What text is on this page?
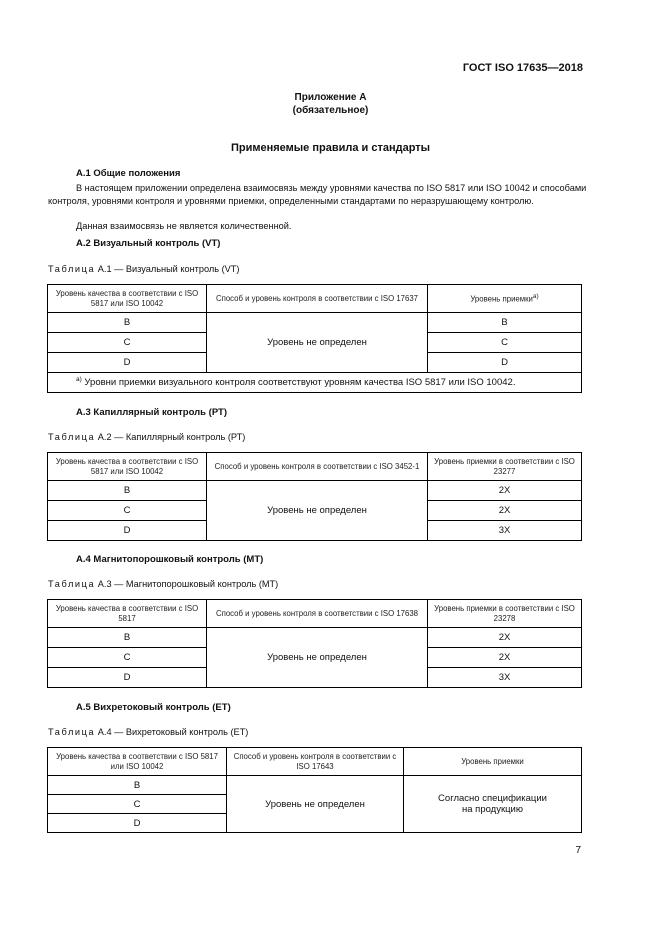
ГОСТ ISO 17635—2018
Приложение А
(обязательное)
Применяемые правила и стандарты
А.1 Общие положения
В настоящем приложении определена взаимосвязь между уровнями качества по ISO 5817 или ISO 10042 и способами контроля, уровнями контроля и уровнями приемки, определенными стандартами по неразрушающему контролю.
Данная взаимосвязь не является количественной.
А.2 Визуальный контроль (VT)
Таблица А.1 — Визуальный контроль (VT)
Уровень качества в соответствии с ISO 5817 или ISO 10042	Способ и уровень контроля в соответствии с ISO 17637	Уровень приемки$^{а)}$
B	Уровень не определен	B
C		C
D		D
$^{а)}$ Уровни приемки визуального контроля соответствуют уровням качества ISO 5817 или ISO 10042.		
А.3 Капиллярный контроль (РТ)
Таблица А.2 — Капиллярный контроль (РТ)
Уровень качества в соответствии с ISO 5817 или ISO 10042	Способ и уровень контроля в соответствии с ISO 3452-1	Уровень приемки в соответствии с ISO 23277
B	Уровень не определен	2X
C		2X
D		3X
А.4 Магнитопорошковый контроль (МТ)
Таблица А.3 — Магнитопорошковый контроль (МТ)
Уровень качества в соответствии с ISO 5817	Способ и уровень контроля в соответствии с ISO 17638	Уровень приемки в соответствии с ISO 23278
B	Уровень не определен	2X
C		2X
D		3X
А.5 Вихретоковый контроль (ЕТ)
Таблица А.4 — Вихретоковый контроль (ЕТ)
Уровень качества в соответствии с ISO 5817 или ISO 10042	Способ и уровень контроля в соответствии с ISO 17643	Уровень приемки
B	Уровень не определен	Согласно спецификации на продукцию
C		
D		
7
